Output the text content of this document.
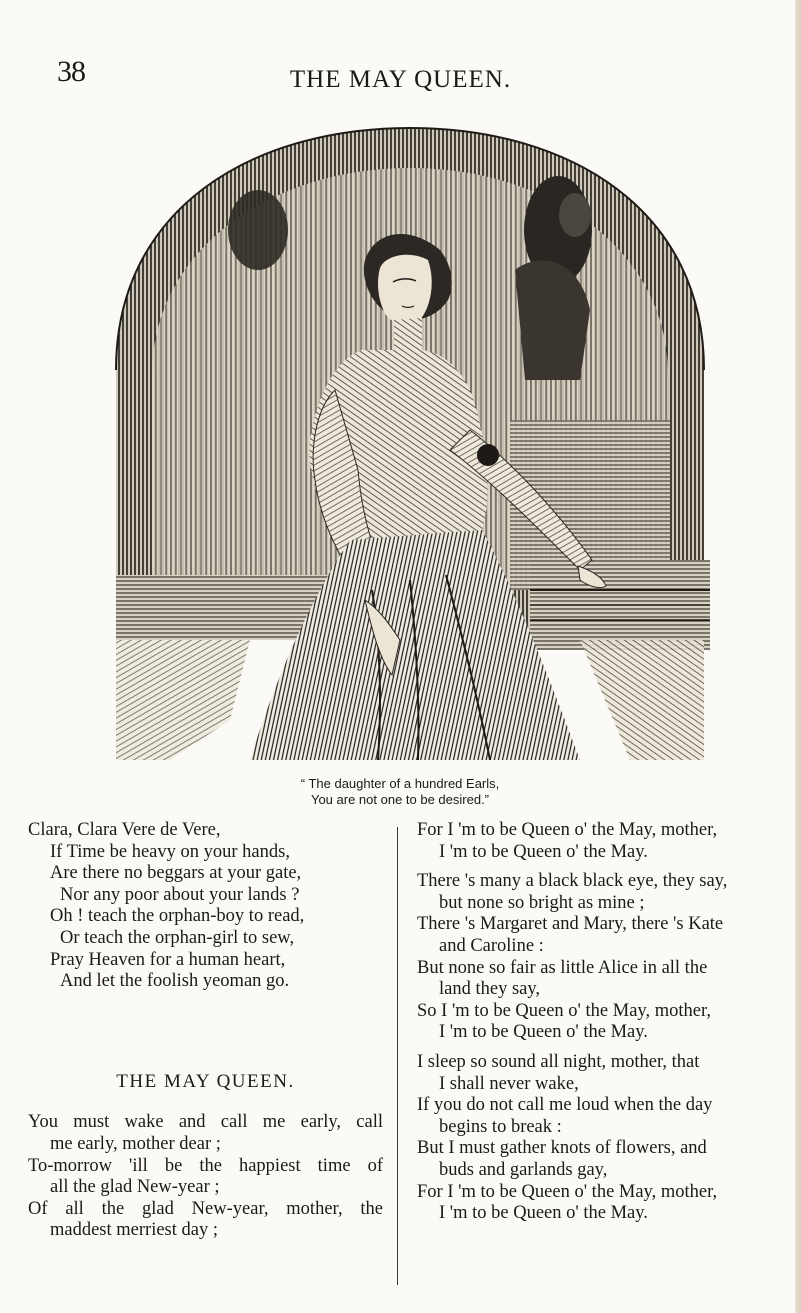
38	THE MAY QUEEN.
“ The daughter of a hundred Earls,
You are not one to be desired.”
Clara, Clara Vere de Vere,
If Time be heavy on your hands,
Are there no beggars at your gate,
Nor any poor about your lands ?
Oh ! teach the orphan-boy to read,
Or teach the orphan-girl to sew,
Pray Heaven for a human heart,
And let the foolish yeoman go.
THE MAY QUEEN.
You must wake and call me early, call
me early, mother dear ;
To-morrow 'ill be the happiest time of
all the glad New-year ;
Of all the glad New-year, mother, the
maddest merriest day ;
For I 'm to be Queen o' the May, mother,
I 'm to be Queen o' the May.
There 's many a black black eye, they say,
but none so bright as mine ;
There 's Margaret and Mary, there 's Kate
and Caroline :
But none so fair as little Alice in all the
land they say,
So I 'm to be Queen o' the May, mother,
I 'm to be Queen o' the May.
I sleep so sound all night, mother, that
I shall never wake,
If you do not call me loud when the day
begins to break :
But I must gather knots of flowers, and
buds and garlands gay,
For I 'm to be Queen o' the May, mother,
I 'm to be Queen o' the May.
